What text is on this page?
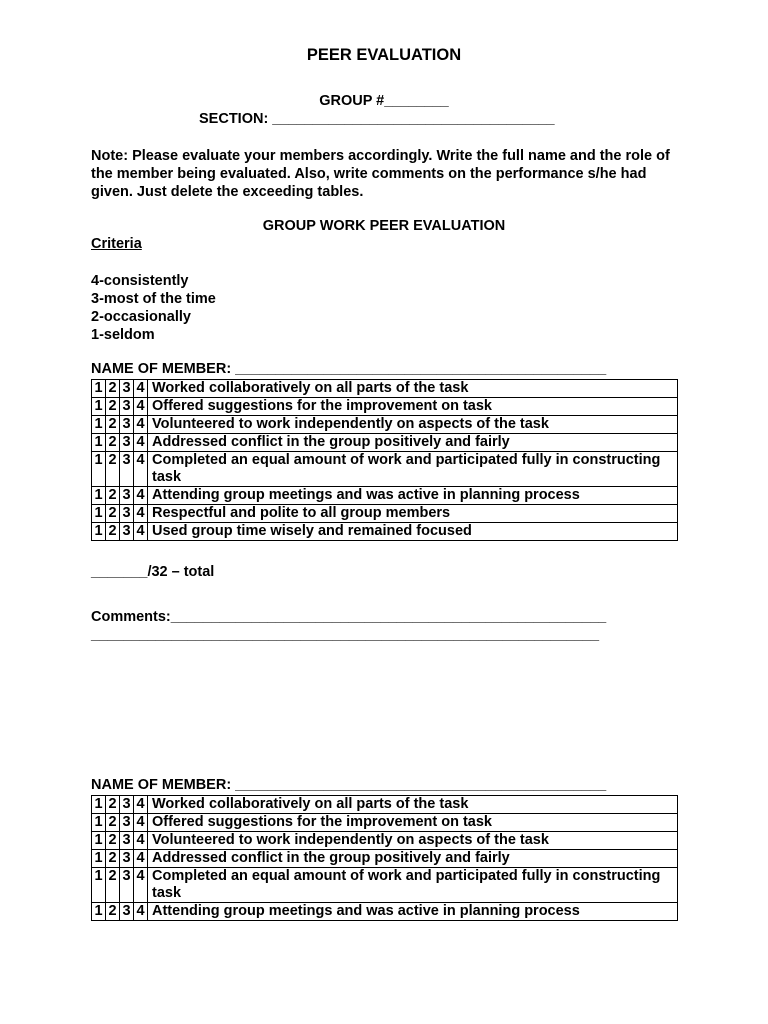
PEER EVALUATION
GROUP #________
SECTION: ___________________________________
Note: Please evaluate your members accordingly. Write the full name and the role of the member being evaluated. Also, write comments on the performance s/he had given. Just delete the exceeding tables.
GROUP WORK PEER EVALUATION
Criteria
4-consistently
3-most of the time
2-occasionally
1-seldom
NAME OF MEMBER: ______________________________________________
1	2	3	4	Worked collaboratively on all parts of the task
1	2	3	4	Offered suggestions for the improvement on task
1	2	3	4	Volunteered to work independently on aspects of the task
1	2	3	4	Addressed conflict in the group positively and fairly
1	2	3	4	Completed an equal amount of work and participated fully in constructing task
1	2	3	4	Attending group meetings and was active in planning process
1	2	3	4	Respectful and polite to all group members
1	2	3	4	Used group time wisely and remained focused
_______/32 – total
Comments:______________________________________________________
_______________________________________________________________
NAME OF MEMBER: ______________________________________________
1	2	3	4	Worked collaboratively on all parts of the task
1	2	3	4	Offered suggestions for the improvement on task
1	2	3	4	Volunteered to work independently on aspects of the task
1	2	3	4	Addressed conflict in the group positively and fairly
1	2	3	4	Completed an equal amount of work and participated fully in constructing task
1	2	3	4	Attending group meetings and was active in planning process
